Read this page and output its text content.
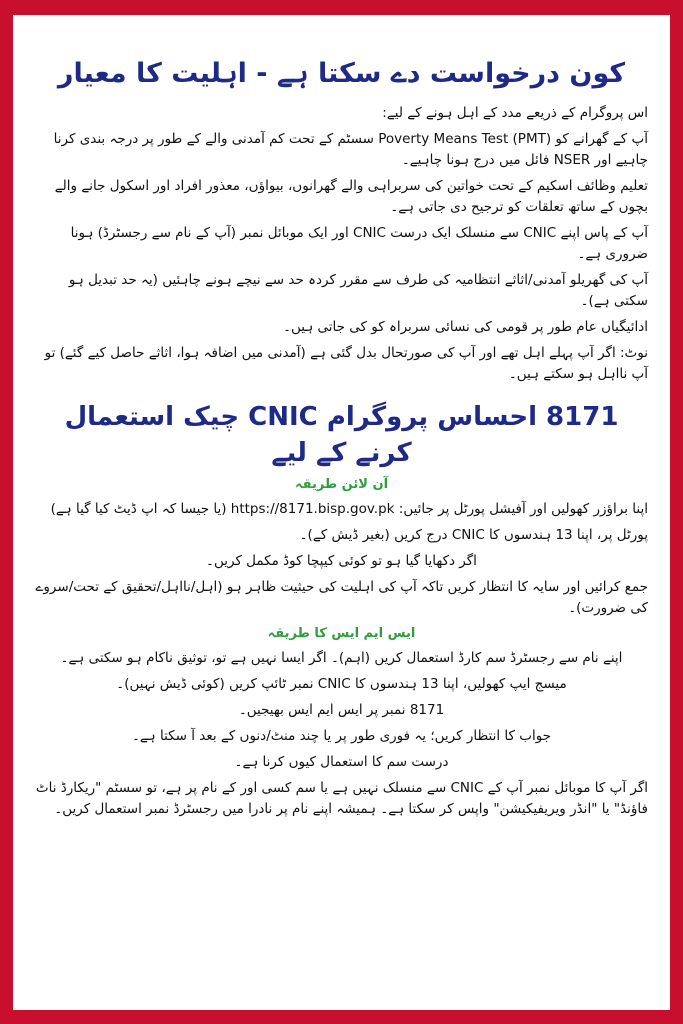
کون درخواست دے سکتا ہے - اہلیت کا معیار

اس پروگرام کے ذریعے مدد کے اہل ہونے کے لیے:

آپ کے گھرانے کو (Poverty Means Test (PMT سسٹم کے تحت کم آمدنی والے کے طور پر درجہ بندی کرنا چاہیے اور NSER فائل میں درج ہونا چاہیے۔

تعلیم وظائف اسکیم کے تحت خواتین کی سربراہی والے گھرانوں، بیواؤں، معذور افراد اور اسکول جانے والے بچوں کے ساتھ تعلقات کو ترجیح دی جاتی ہے۔

آپ کے پاس اپنے CNIC سے منسلک ایک درست CNIC اور ایک موبائل نمبر (آپ کے نام سے رجسٹرڈ) ہونا ضروری ہے۔

آپ کی گھریلو آمدنی/اثاثے انتظامیہ کی طرف سے مقرر کردہ حد سے نیچے ہونے چاہئیں (یہ حد تبدیل ہو سکتی ہے)۔

ادائیگیاں عام طور پر قومی کی نسائی سربراہ کو کی جاتی ہیں۔

نوٹ: اگر آپ پہلے اہل تھے اور آپ کی صورتحال بدل گئی ہے (آمدنی میں اضافہ ہوا، اثاثے حاصل کیے گئے) تو آپ نااہل ہو سکتے ہیں۔

8171 احساس پروگرام CNIC چیک استعمال کرنے کے لیے
آن لائن طریقہ

اپنا براؤزر کھولیں اور آفیشل پورٹل پر جائیں: https://8171.bisp.gov.pk (یا جیسا کہ اپ ڈیٹ کیا گیا ہے)

پورٹل پر، اپنا 13 ہندسوں کا CNIC درج کریں (بغیر ڈیش کے)۔

اگر دکھایا گیا ہو تو کوئی کیپچا کوڈ مکمل کریں۔

جمع کرائیں اور سایہ کا انتظار کریں تاکہ آپ کی اہلیت کی حیثیت ظاہر ہو (اہل/نااہل/تحقیق کے تحت/سروے کی ضرورت)۔

ایس ایم ایس کا طریقہ

اپنے نام سے رجسٹرڈ سم کارڈ استعمال کریں (اہم)۔ اگر ایسا نہیں ہے تو، توثیق ناکام ہو سکتی ہے۔

میسج ایپ کھولیں، اپنا 13 ہندسوں کا CNIC نمبر ٹائپ کریں (کوئی ڈیش نہیں)۔

8171 نمبر پر ایس ایم ایس بھیجیں۔

جواب کا انتظار کریں؛ یہ فوری طور پر یا چند منٹ/دنوں کے بعد آ سکتا ہے۔

درست سم کا استعمال کیوں کرنا ہے۔

اگر آپ کا موبائل نمبر آپ کے CNIC سے منسلک نہیں ہے یا سم کسی اور کے نام پر ہے، تو سسٹم "ریکارڈ ناٹ فاؤنڈ" یا "انڈر ویریفیکیشن" واپس کر سکتا ہے۔ ہمیشہ اپنے نام پر نادرا میں رجسٹرڈ نمبر استعمال کریں۔
